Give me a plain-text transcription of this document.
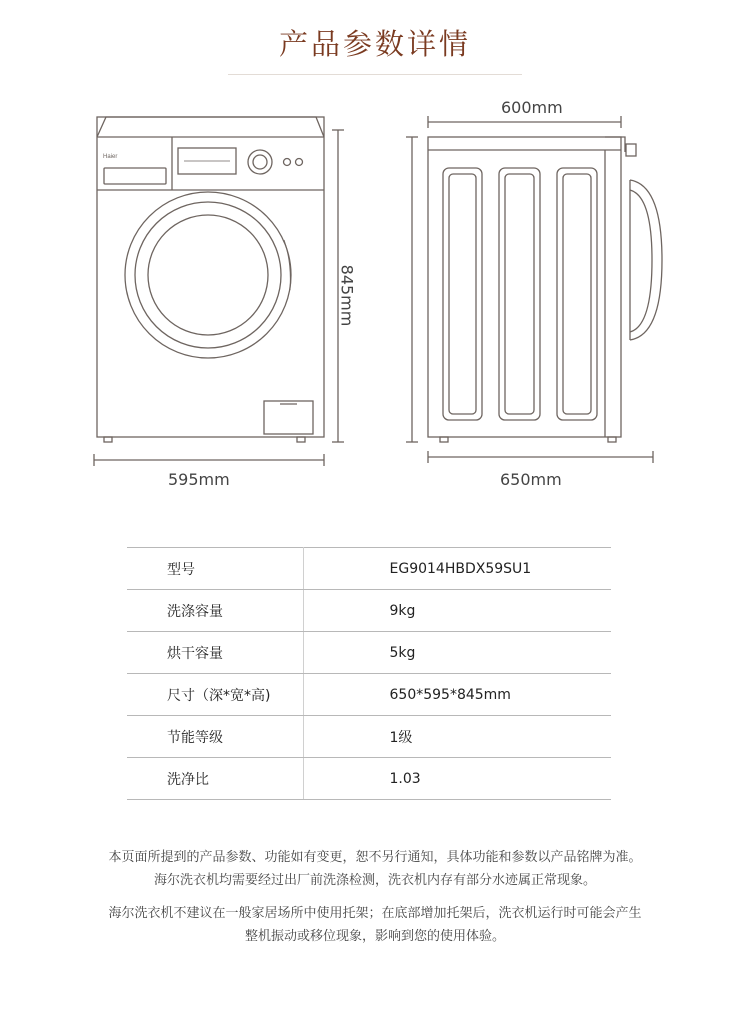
产品参数详情
Haier
595mm
600mm
650mm
845mm
型号	EG9014HBDX59SU1
洗涤容量	9kg
烘干容量	5kg
尺寸（深*宽*高)	650*595*845mm
节能等级	1级
洗净比	1.03
本页面所提到的产品参数、功能如有变更，恕不另行通知，具体功能和参数以产品铭牌为准。
海尔洗衣机均需要经过出厂前洗涤检测，洗衣机内存有部分水迹属正常现象。
海尔洗衣机不建议在一般家居场所中使用托架；在底部增加托架后，洗衣机运行时可能会产生
整机振动或移位现象，影响到您的使用体验。
